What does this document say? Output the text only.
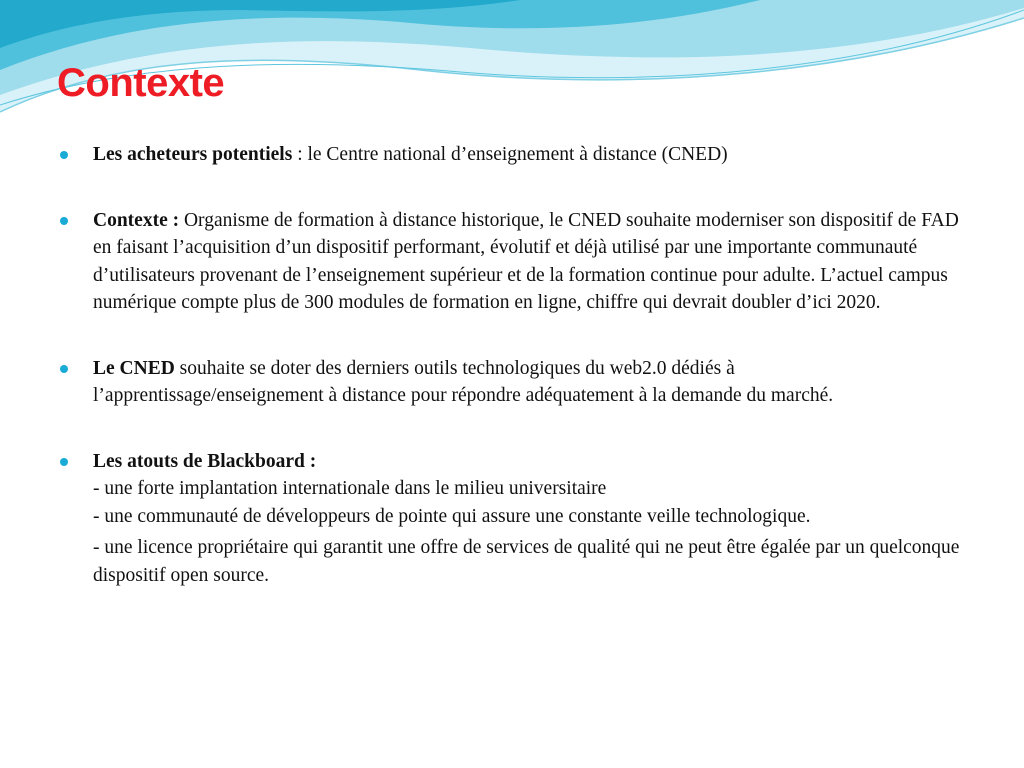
Contexte

Les acheteurs potentiels : le Centre national d’enseignement à distance (CNED)

Contexte : Organisme de formation à distance historique, le CNED souhaite moderniser son dispositif de FAD en faisant l’acquisition d’un dispositif performant, évolutif et déjà utilisé par une importante communauté d’utilisateurs provenant de l’enseignement supérieur et de la formation continue pour adulte. L’actuel campus numérique compte plus de 300 modules de formation en ligne, chiffre qui devrait doubler d’ici 2020.

Le CNED souhaite se doter des derniers outils technologiques du web2.0 dédiés à l’apprentissage/enseignement à distance pour répondre adéquatement à la demande du marché.

Les atouts de Blackboard :

- une forte implantation internationale dans le milieu universitaire

- une communauté de développeurs de pointe qui assure une constante veille technologique.

- une licence propriétaire qui garantit une offre de services de qualité qui ne peut être égalée par un quelconque dispositif open source.
